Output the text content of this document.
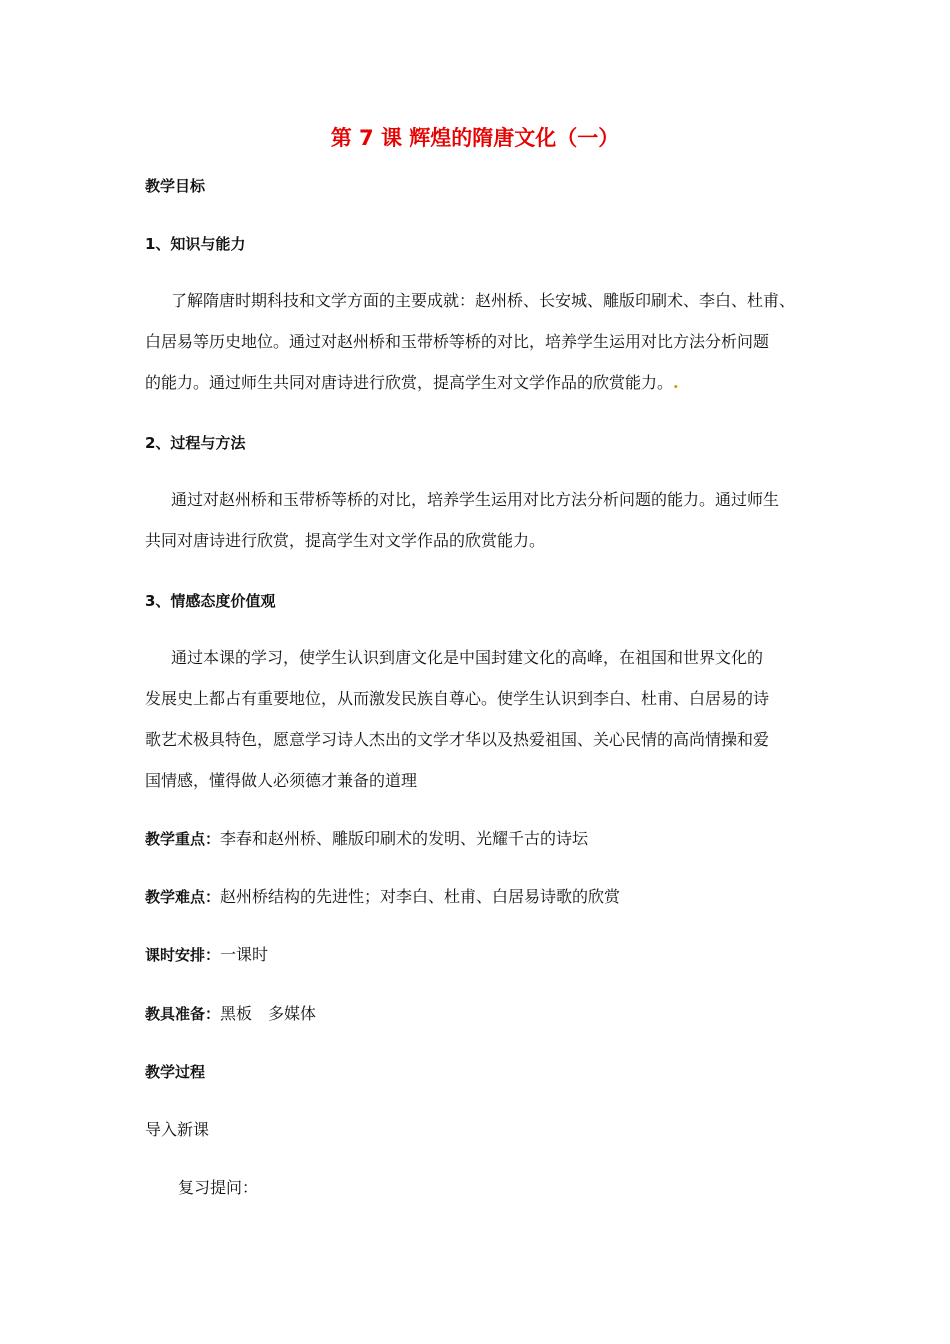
第 7 课 辉煌的隋唐文化（一）
教学目标
1、知识与能力
了解隋唐时期科技和文学方面的主要成就：赵州桥、长安城、雕版印刷术、李白、杜甫、
白居易等历史地位。通过对赵州桥和玉带桥等桥的对比，培养学生运用对比方法分析问题
的能力。通过师生共同对唐诗进行欣赏，提高学生对文学作品的欣赏能力。.
2、过程与方法
通过对赵州桥和玉带桥等桥的对比，培养学生运用对比方法分析问题的能力。通过师生
共同对唐诗进行欣赏，提高学生对文学作品的欣赏能力。
3、情感态度价值观
通过本课的学习，使学生认识到唐文化是中国封建文化的高峰，在祖国和世界文化的
发展史上都占有重要地位，从而激发民族自尊心。使学生认识到李白、杜甫、白居易的诗
歌艺术极具特色，愿意学习诗人杰出的文学才华以及热爱祖国、关心民情的高尚情操和爱
国情感，懂得做人必须德才兼备的道理
教学重点：李春和赵州桥、雕版印刷术的发明、光耀千古的诗坛
教学难点：赵州桥结构的先进性；对李白、杜甫、白居易诗歌的欣赏
课时安排：一课时
教具准备：黑板　多媒体
教学过程
导入新课
复习提问：
